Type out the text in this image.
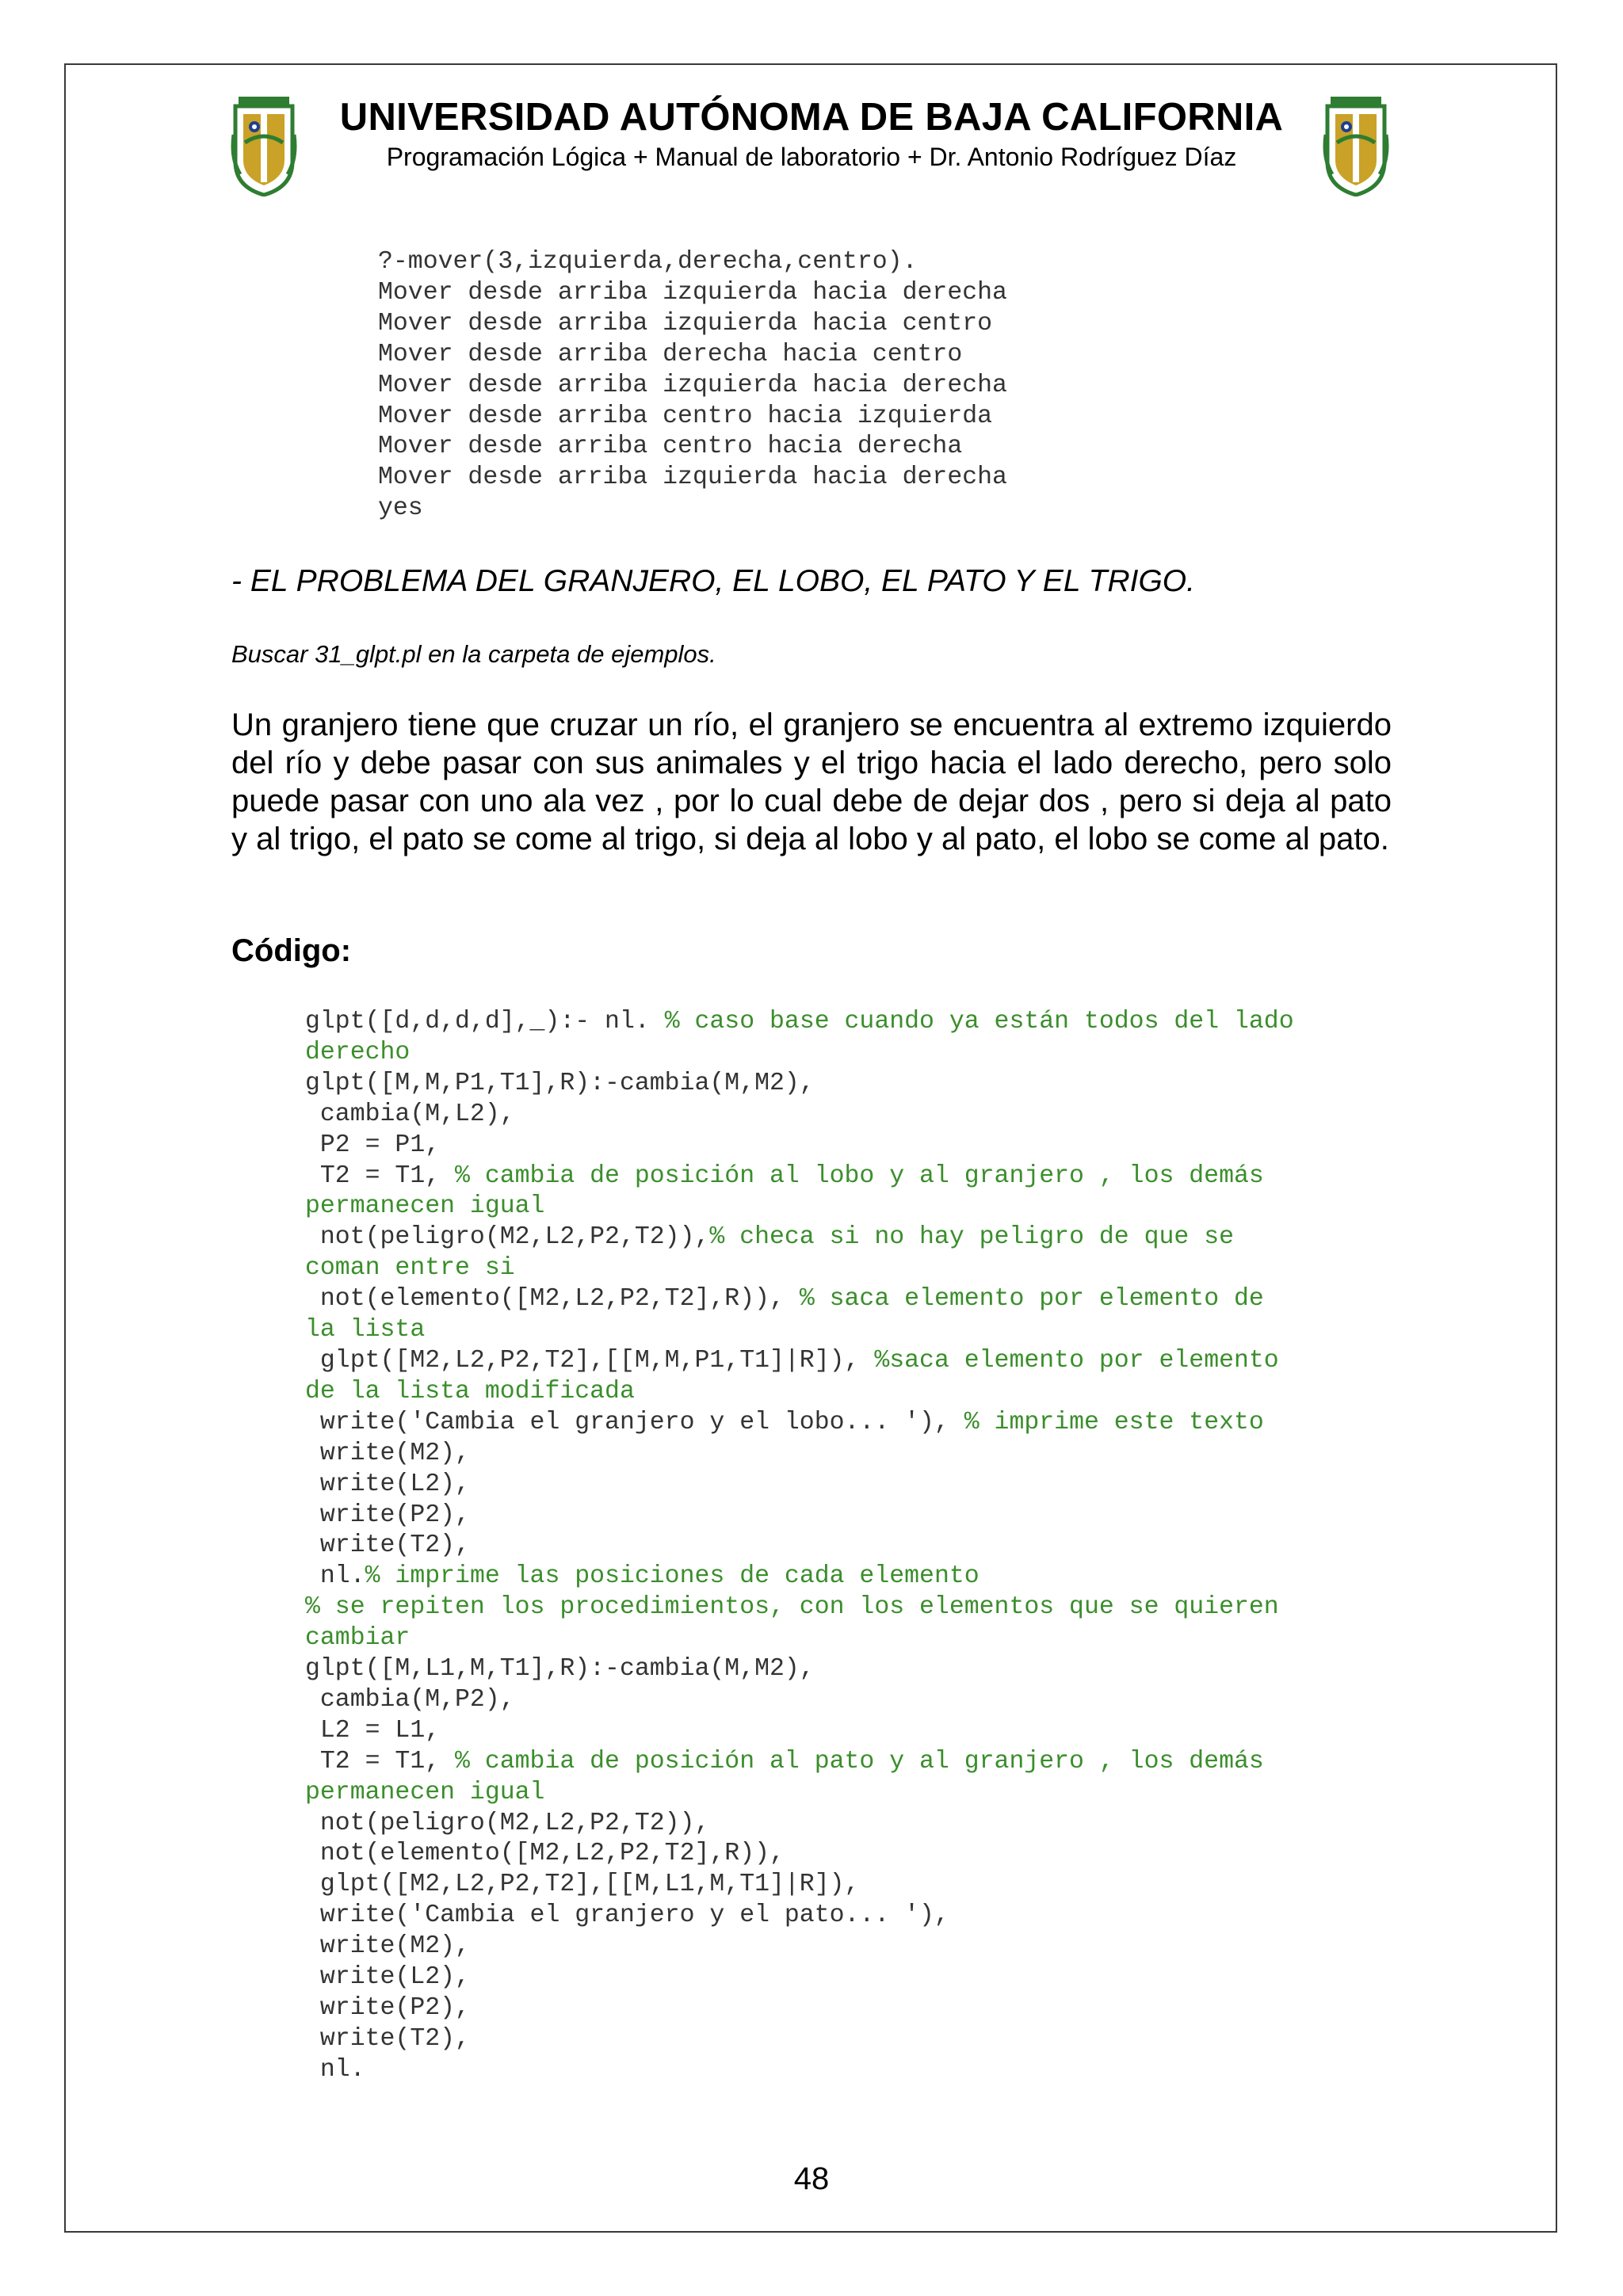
UNIVERSIDAD AUTÓNOMA DE BAJA CALIFORNIA
Programación Lógica + Manual de laboratorio + Dr. Antonio Rodríguez Díaz
?-mover(3,izquierda,derecha,centro).
Mover desde arriba izquierda hacia derecha
Mover desde arriba izquierda hacia centro
Mover desde arriba derecha hacia centro
Mover desde arriba izquierda hacia derecha
Mover desde arriba centro hacia izquierda
Mover desde arriba centro hacia derecha
Mover desde arriba izquierda hacia derecha
yes
- EL PROBLEMA DEL GRANJERO, EL LOBO, EL PATO Y EL TRIGO.
Buscar 31_glpt.pl en la carpeta de ejemplos.

Un granjero tiene que cruzar un río, el granjero se encuentra al extremo izquierdo del río y debe pasar con sus animales y el trigo hacia el lado derecho, pero solo puede pasar con uno ala vez , por lo cual debe de dejar dos , pero si deja al pato y al trigo, el pato se come al trigo, si deja al lobo y al pato, el lobo se come al pato.

Código:
glpt([d,d,d,d],_):- nl. % caso base cuando ya están todos del lado
derecho
glpt([M,M,P1,T1],R):-cambia(M,M2),
cambia(M,L2),
P2 = P1,
T2 = T1, % cambia de posición al lobo y al granjero , los demás
permanecen igual
not(peligro(M2,L2,P2,T2)),% checa si no hay peligro de que se
coman entre si
not(elemento([M2,L2,P2,T2],R)), % saca elemento por elemento de
la lista
glpt([M2,L2,P2,T2],[[M,M,P1,T1]|R]), %saca elemento por elemento
de la lista modificada
write('Cambia el granjero y el lobo... '), % imprime este texto
write(M2),
write(L2),
write(P2),
write(T2),
nl.% imprime las posiciones de cada elemento
% se repiten los procedimientos, con los elementos que se quieren
cambiar
glpt([M,L1,M,T1],R):-cambia(M,M2),
cambia(M,P2),
L2 = L1,
T2 = T1, % cambia de posición al pato y al granjero , los demás
permanecen igual
not(peligro(M2,L2,P2,T2)),
not(elemento([M2,L2,P2,T2],R)),
glpt([M2,L2,P2,T2],[[M,L1,M,T1]|R]),
write('Cambia el granjero y el pato... '),
write(M2),
write(L2),
write(P2),
write(T2),
nl.
48
